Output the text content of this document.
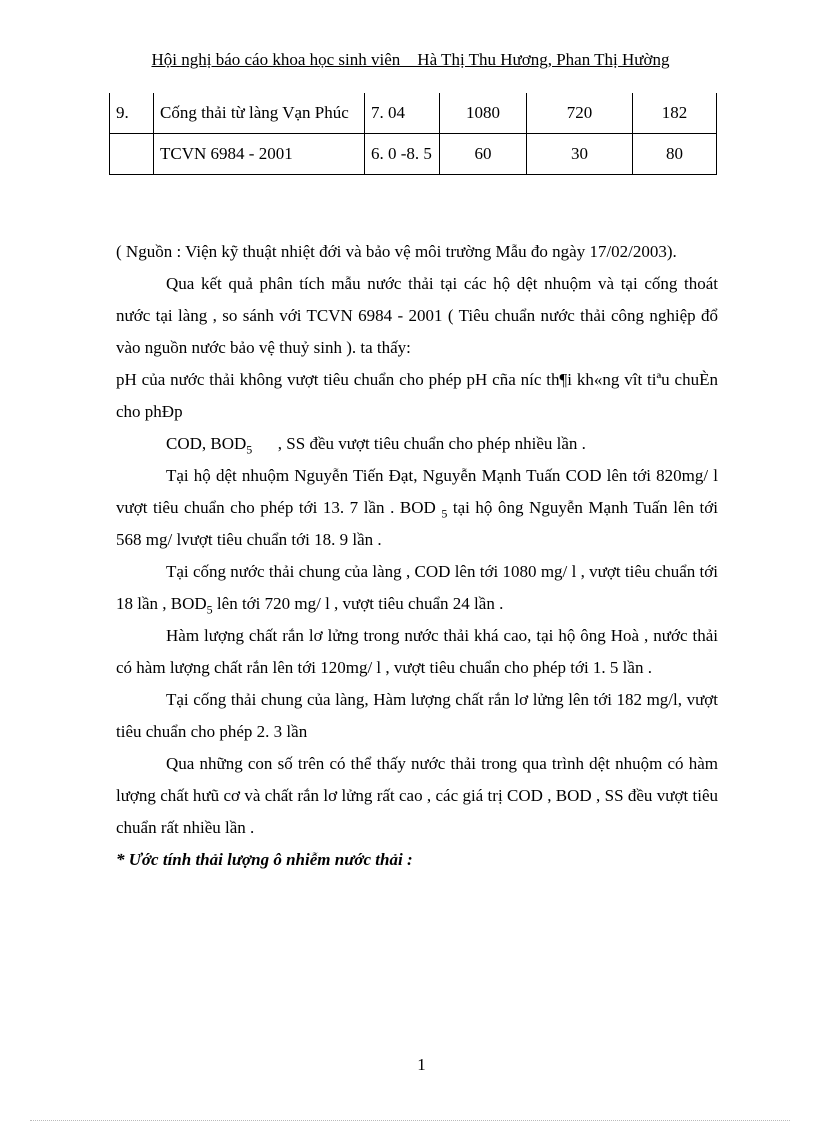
Hội nghị báo cáo khoa học sinh viên _ Hà Thị Thu Hương, Phan Thị Hường
9.	Cống thải từ làng Vạn Phúc	7. 04	1080	720	182
	TCVN 6984 - 2001	6. 0 -8. 5	60	30	80

( Nguồn : Viện kỹ thuật nhiệt đới và bảo vệ môi trường Mẫu đo ngày 17/02/2003).

Qua kết quả phân tích mẫu nước thải tại các hộ dệt nhuộm và tại cống thoát nước tại làng , so sánh với TCVN 6984 - 2001 ( Tiêu chuẩn nước thải công nghiệp đổ vào nguồn nước bảo vệ thuỷ sinh ). ta thấy:

pH của nước thải không vượt tiêu chuẩn cho phép pH cña níc th¶i kh«ng vît tiªu chuÈn cho phÐp

COD, $BOD_5$      , SS đều vượt tiêu chuẩn cho phép nhiều lần .

Tại hộ dệt nhuộm Nguyễn Tiến Đạt, Nguyễn Mạnh Tuấn COD lên tới 820mg/ l vượt tiêu chuẩn cho phép tới 13. 7 lần . BOD $_5$ tại hộ ông Nguyễn Mạnh Tuấn lên tới 568 mg/ lvượt tiêu chuẩn tới 18. 9 lần .

Tại cống nước thải chung của làng , COD lên tới 1080 mg/ l , vượt tiêu chuẩn tới 18 lần , $BOD_5$ lên tới 720 mg/ l , vượt tiêu chuẩn 24 lần .

Hàm lượng chất rắn lơ lửng trong nước thải khá cao, tại hộ ông Hoà , nước thải có hàm lượng chất rắn lên tới 120mg/ l , vượt tiêu chuẩn cho phép tới 1. 5 lần .

Tại cống thải chung của làng, Hàm lượng chất rắn lơ lửng lên tới 182 mg/l, vượt tiêu chuẩn cho phép 2. 3 lần

Qua những con số trên có thể thấy nước thải trong qua trình dệt nhuộm có hàm lượng chất hưũ cơ và chất rắn lơ lửng rất cao , các giá trị COD , BOD , SS đều vượt tiêu chuẩn rất nhiều lần .

* Ước tính thải lượng ô nhiễm nước thải :

1
